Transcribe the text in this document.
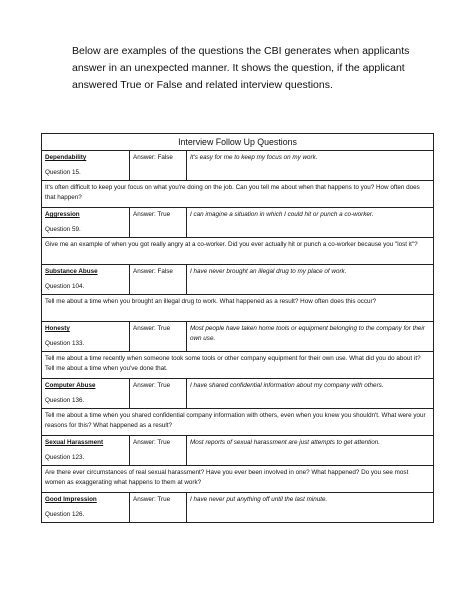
Below are examples of the questions the CBI generates when applicants answer in an unexpected manner. It shows the question, if the applicant answered True or False and related interview questions.

Interview Follow Up Questions		

Dependability
Question 15.	Answer: False	It's easy for me to keep my focus on my work.
It's often difficult to keep your focus on what you're doing on the job. Can you tell me about when that happens to you? How often does that happen?		

Aggression
Question 59.	Answer: True	I can imagine a situation in which I could hit or punch a co-worker.
Give me an example of when you got really angry at a co-worker. Did you ever actually hit or punch a co-worker because you "lost it"?		

Substance Abuse
Question 104.	Answer: False	I have never brought an illegal drug to my place of work.
Tell me about a time when you brought an illegal drug to work. What happened as a result? How often does this occur?		

Honesty
Question 133.	Answer: True	Most people have taken home tools or equipment belonging to the company for their own use.
Tell me about a time recently when someone took some tools or other company equipment for their own use. What did you do about it? Tell me about a time when you've done that.		

Computer Abuse
Question 136.	Answer: True	I have shared confidential information about my company with others.
Tell me about a time when you shared confidential company information with others, even when you knew you shouldn't. What were your reasons for this? What happened as a result?		

Sexual Harassment
Question 123.	Answer: True	Most reports of sexual harassment are just attempts to get attention.
Are there ever circumstances of real sexual harassment? Have you ever been involved in one? What happened? Do you see most women as exaggerating what happens to them at work?		

Good Impression
Question 126.	Answer: True	I have never put anything off until the last minute.
